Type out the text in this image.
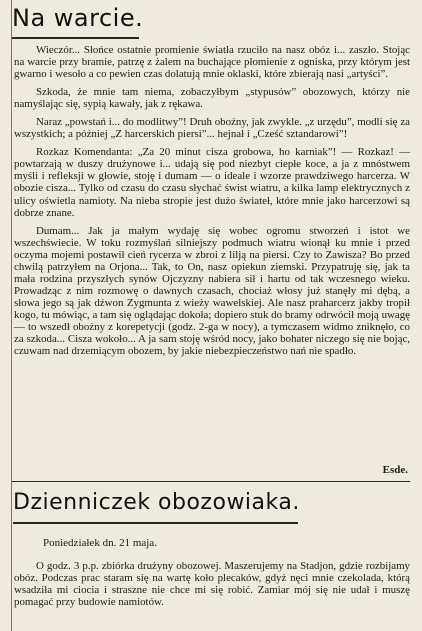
Na warcie.

Wieczór... Słońce ostatnie promienie światła rzuciło na nasz obóz i... zaszło. Stojąc na warcie przy bramie, patrzę z żalem na buchające płomienie z ogniska, przy którym jest gwarno i wesoło a co pewien czas dolatują mnie oklaski, które zbierają nasi „artyści”.

Szkoda, że mnie tam niema, zobaczyłbym „stypusów” obozowych, którzy nie namyślając się, sypią kawały, jak z rękawa.

Naraz „powstań i... do modlitwy”! Druh oboźny, jak zwykle. „z urzędu”, modli się za wszystkich; a później „Z harcerskich piersi”... hejnał i „Cześć sztandarowi”!

Rozkaz Komendanta: „Za 20 minut cisza grobowa, ho karniak”! — Rozkaz! — powtarzają w duszy drużynowe i... udają się pod niezbyt ciepłe koce, a ja z mnóstwem myśli i refleksji w głowie, stoję i dumam — o ideale i wzorze prawdziwego harcerza. W obozie cisza... Tylko od czasu do czasu słychać świst wiatru, a kilka lamp elektrycznych z ulicy oświetla namioty. Na nieba stropie jest dużo świateł, które mnie jako harcerzowi są dobrze znane.

Dumam... Jak ja małym wydaję się wobec ogromu stworzeń i istot we wszechświecie. W toku rozmyślań silniejszy podmuch wiatru wionął ku mnie i przed oczyma mojemi postawił cień rycerza w zbroi z lilją na piersi. Czy to Zawisza? Bo przed chwilą patrzyłem na Orjona... Tak, to On, nasz opiekun ziemski. Przypatruję się, jak ta mała rodzina przyszłych synów Ojczyzny nabiera sił i hartu od tak wczesnego wieku. Prowadząc z nim rozmowę o dawnych czasach, chociaż włosy już stanęły mi dębą, a słowa jego są jak dźwon Zygmunta z wieży wawelskiej. Ale nasz praharcerz jakby tropił kogo, tu mówiąc, a tam się oglądając dokoła; dopiero stuk do bramy odrwócił moją uwagę — to wszedł oboźny z korepetycji (godz. 2-ga w nocy), a tymczasem widmo zniknęło, co za szkoda... Cisza wokoło... A ja sam stoję wśród nocy, jako bohater niczego się nie bojąc, czuwam nad drzemiącym obozem, by jakie niebezpieczeństwo nań nie spadło.

Esde.
Dzienniczek obozowiaka.
Poniedziałek dn. 21 maja.

O godz. 3 p.p. zbiórka drużyny obozowej. Maszerujemy na Stadjon, gdzie rozbijamy obóz. Podczas prac staram się na wartę koło plecaków, gdyż nęci mnie czekolada, którą wsadziła mi ciocia i straszne nie chce mi się robić. Zamiar mój się nie udał i muszę pomagać przy budowie namiotów.
